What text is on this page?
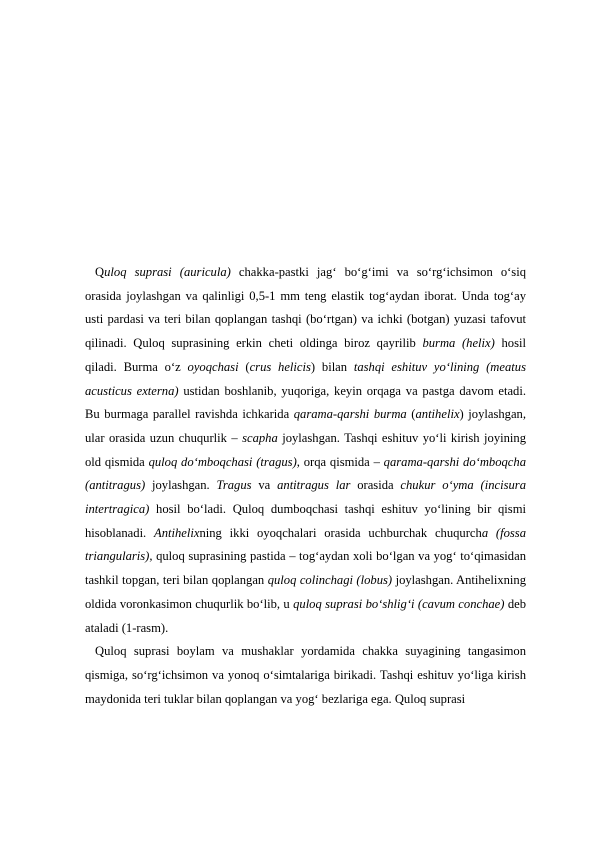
Quloq suprasi (auricula) chakka-pastki jag‘ bo‘g‘imi va so‘rg‘ichsimon o‘siq orasida joylashgan va qalinligi 0,5-1 mm teng elastik tog‘aydan iborat. Unda tog‘ay usti pardasi va teri bilan qoplangan tashqi (bo‘rtgan) va ichki (botgan) yuzasi tafovut qilinadi. Quloq suprasining erkin cheti oldinga biroz qayrilib burma (helix) hosil qiladi. Burma o‘z oyoqchasi (crus helicis) bilan tashqi eshituv yo‘lining (meatus acusticus externa) ustidan boshlanib, yuqoriga, keyin orqaga va pastga davom etadi. Bu burmaga parallel ravishda ichkarida qarama-qarshi burma (antihelix) joylashgan, ular orasida uzun chuqurlik – scapha joylashgan. Tashqi eshituv yo‘li kirish joyining old qismida quloq do‘mboqchasi (tragus), orqa qismida – qarama-qarshi do‘mboqcha (antitragus) joylashgan. Tragus va antitragus lar orasida chukur o‘yma (incisura intertragica) hosil bo‘ladi. Quloq dumboqchasi tashqi eshituv yo‘lining bir qismi hisoblanadi. Antihelixning ikki oyoqchalari orasida uchburchak chuqurcha (fossa triangularis), quloq suprasining pastida – tog‘aydan xoli bo‘lgan va yog‘ to‘qimasidan tashkil topgan, teri bilan qoplangan quloq colinchagi (lobus) joylashgan. Antihelixning oldida voronkasimon chuqurlik bo‘lib, u quloq suprasi bo‘shlig‘i (cavum conchae) deb ataladi (1-rasm).

Quloq suprasi boylam va mushaklar yordamida chakka suyagining tangasimon qismiga, so‘rg‘ichsimon va yonoq o‘simtalariga birikadi. Tashqi eshituv yo‘liga kirish maydonida teri tuklar bilan qoplangan va yog‘ bezlariga ega. Quloq suprasi
